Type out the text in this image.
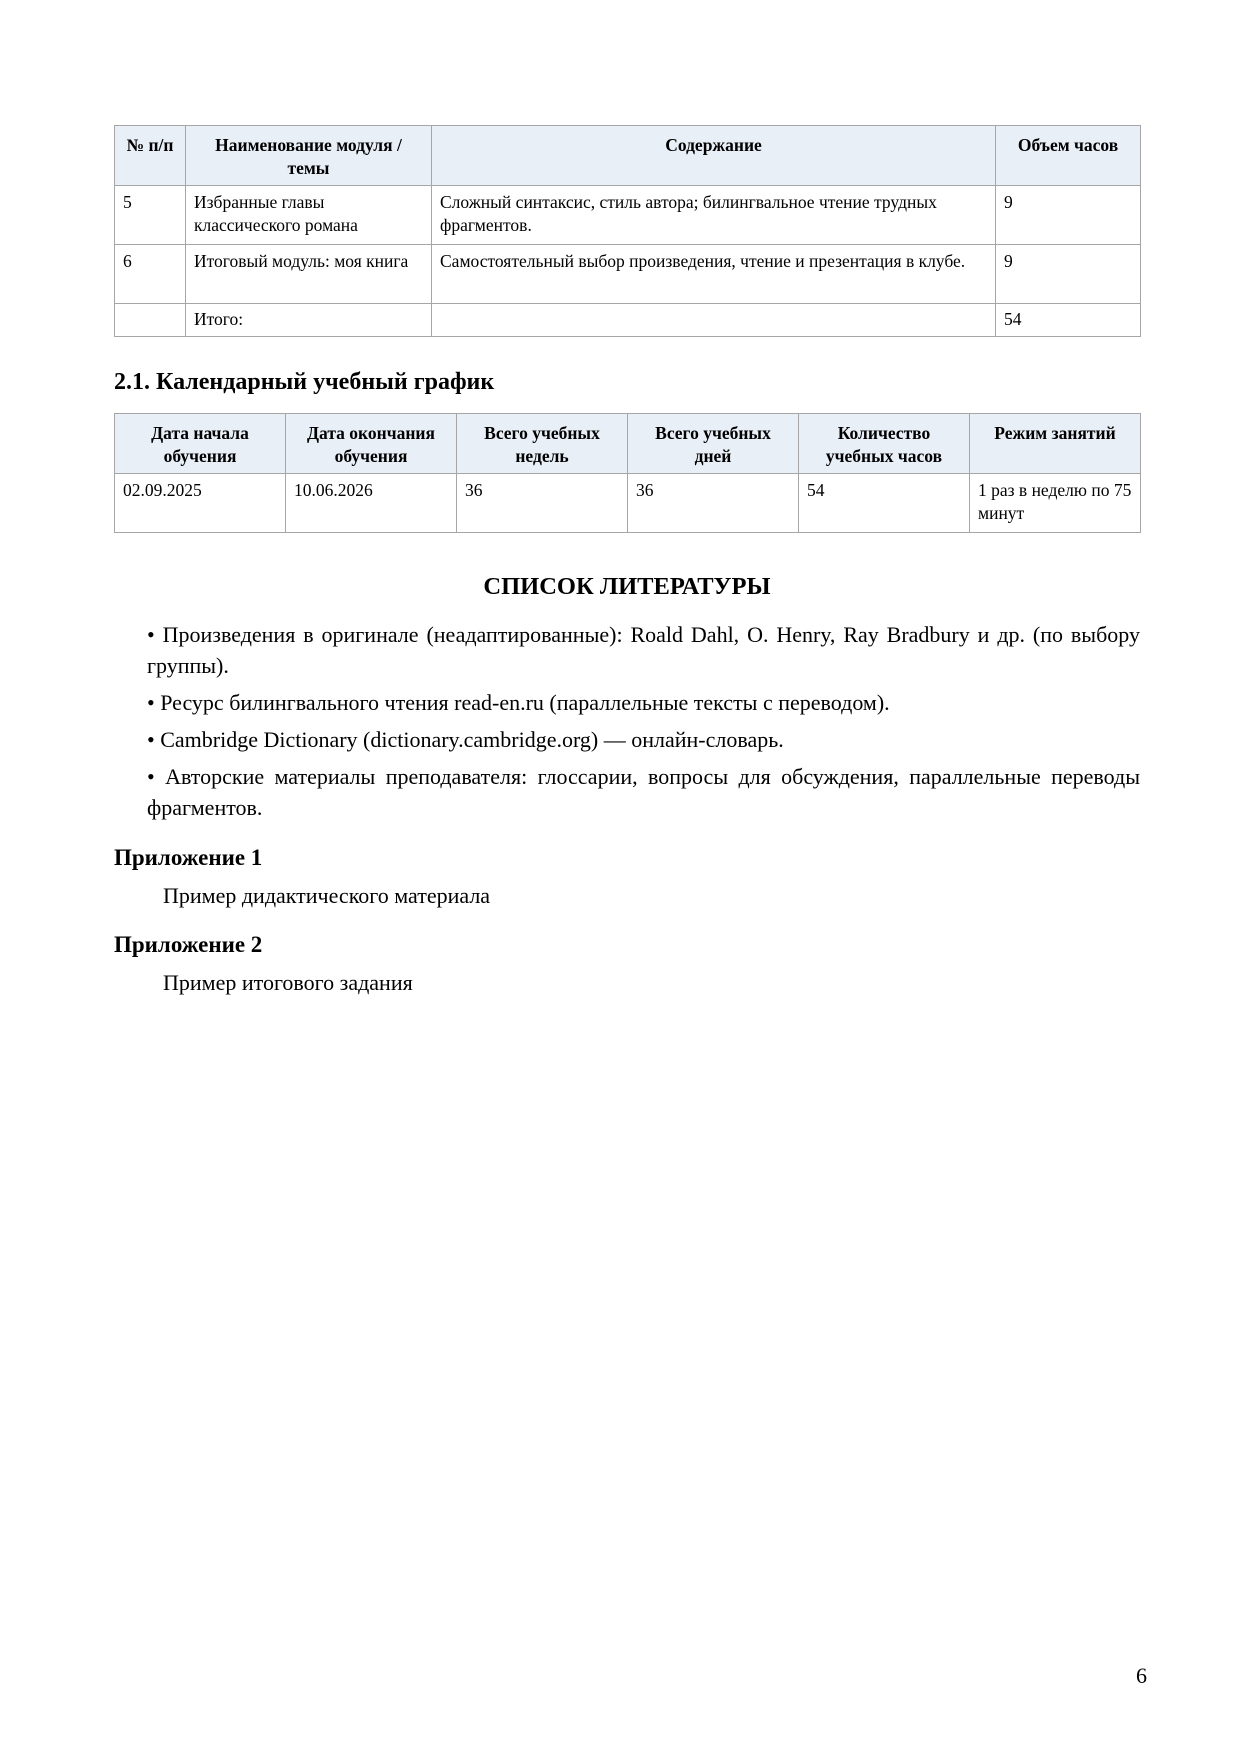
№ п/п	Наименование модуля / темы	Содержание	Объем часов
5	Избранные главы классического романа	Сложный синтаксис, стиль автора; билингвальное чтение трудных фрагментов.	9
6	Итоговый модуль: моя книга	Самостоятельный выбор произведения, чтение и презентация в клубе.	9
	Итого:		54
2.1. Календарный учебный график
Дата начала обучения	Дата окончания обучения	Всего учебных недель	Всего учебных дней	Количество учебных часов	Режим занятий
02.09.2025	10.06.2026	36	36	54	1 раз в неделю по 75 минут
СПИСОК ЛИТЕРАТУРЫ
• Произведения в оригинале (неадаптированные): Roald Dahl, O. Henry, Ray Bradbury и др. (по выбору группы).
• Ресурс билингвального чтения read-en.ru (параллельные тексты с переводом).
• Cambridge Dictionary (dictionary.cambridge.org) — онлайн-словарь.
• Авторские материалы преподавателя: глоссарии, вопросы для обсуждения, параллельные переводы фрагментов.
Приложение 1

Пример дидактического материала

Приложение 2

Пример итогового задания

6
